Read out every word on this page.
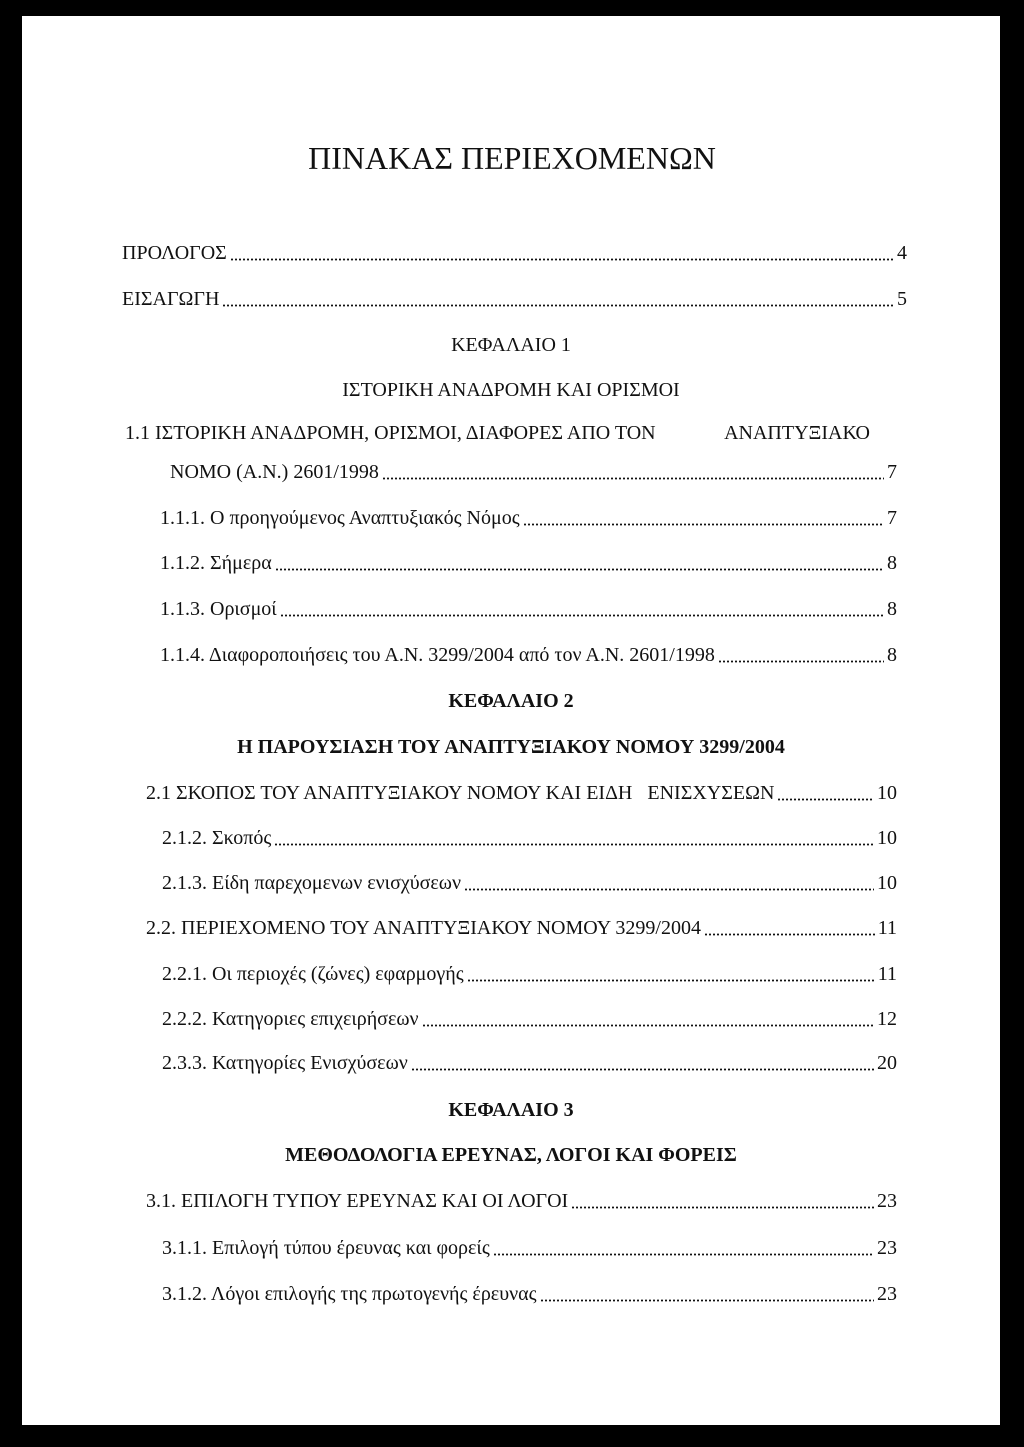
ΠΙΝΑΚΑΣ ΠΕΡΙΕΧΟΜΕΝΩΝ
ΠΡΟΛΟΓΟΣ	4
ΕΙΣΑΓΩΓΗ	5
ΚΕΦΑΛΑΙΟ 1
ΙΣΤΟΡΙΚΗ ΑΝΑΔΡΟΜΗ ΚΑΙ ΟΡΙΣΜΟΙ
1.1 ΙΣΤΟΡΙΚΗ ΑΝΑΔΡΟΜΗ, ΟΡΙΣΜΟΙ, ΔΙΑΦΟΡΕΣ ΑΠΟ ΤΟΝ	ΑΝΑΠΤΥΞΙΑΚΟ
ΝΟΜΟ (Α.Ν.) 2601/1998	7
1.1.1. Ο προηγούμενος Αναπτυξιακός Νόμος	7
1.1.2. Σήμερα	8
1.1.3. Ορισμοί	8
1.1.4. Διαφοροποιήσεις του Α.Ν. 3299/2004 από τον Α.Ν. 2601/1998	8
ΚΕΦΑΛΑΙΟ 2
Η ΠΑΡΟΥΣΙΑΣΗ ΤΟΥ ΑΝΑΠΤΥΞΙΑΚΟΥ ΝΟΜΟΥ 3299/2004
2.1 ΣΚΟΠΟΣ ΤΟΥ ΑΝΑΠΤΥΞΙΑΚΟΥ ΝΟΜΟΥ ΚΑΙ ΕΙΔΗ   ΕΝΙΣΧΥΣΕΩΝ	10
2.1.2. Σκοπός	10
2.1.3. Είδη παρεχομενων ενισχύσεων	10
2.2. ΠΕΡΙΕΧΟΜΕΝΟ ΤΟΥ ΑΝΑΠΤΥΞΙΑΚΟΥ ΝΟΜΟΥ 3299/2004	11
2.2.1. Οι περιοχές (ζώνες) εφαρμογής	11
2.2.2. Κατηγοριες επιχειρήσεων	12
2.3.3. Κατηγορίες Ενισχύσεων	20
ΚΕΦΑΛΑΙΟ 3
ΜΕΘΟΔΟΛΟΓΙΑ ΕΡΕΥΝΑΣ, ΛΟΓΟΙ ΚΑΙ ΦΟΡΕΙΣ
3.1. ΕΠΙΛΟΓΗ ΤΥΠΟΥ ΕΡΕΥΝΑΣ ΚΑΙ ΟΙ ΛΟΓΟΙ	23
3.1.1. Επιλογή τύπου έρευνας και φορείς	23
3.1.2. Λόγοι επιλογής της πρωτογενής έρευνας	23
